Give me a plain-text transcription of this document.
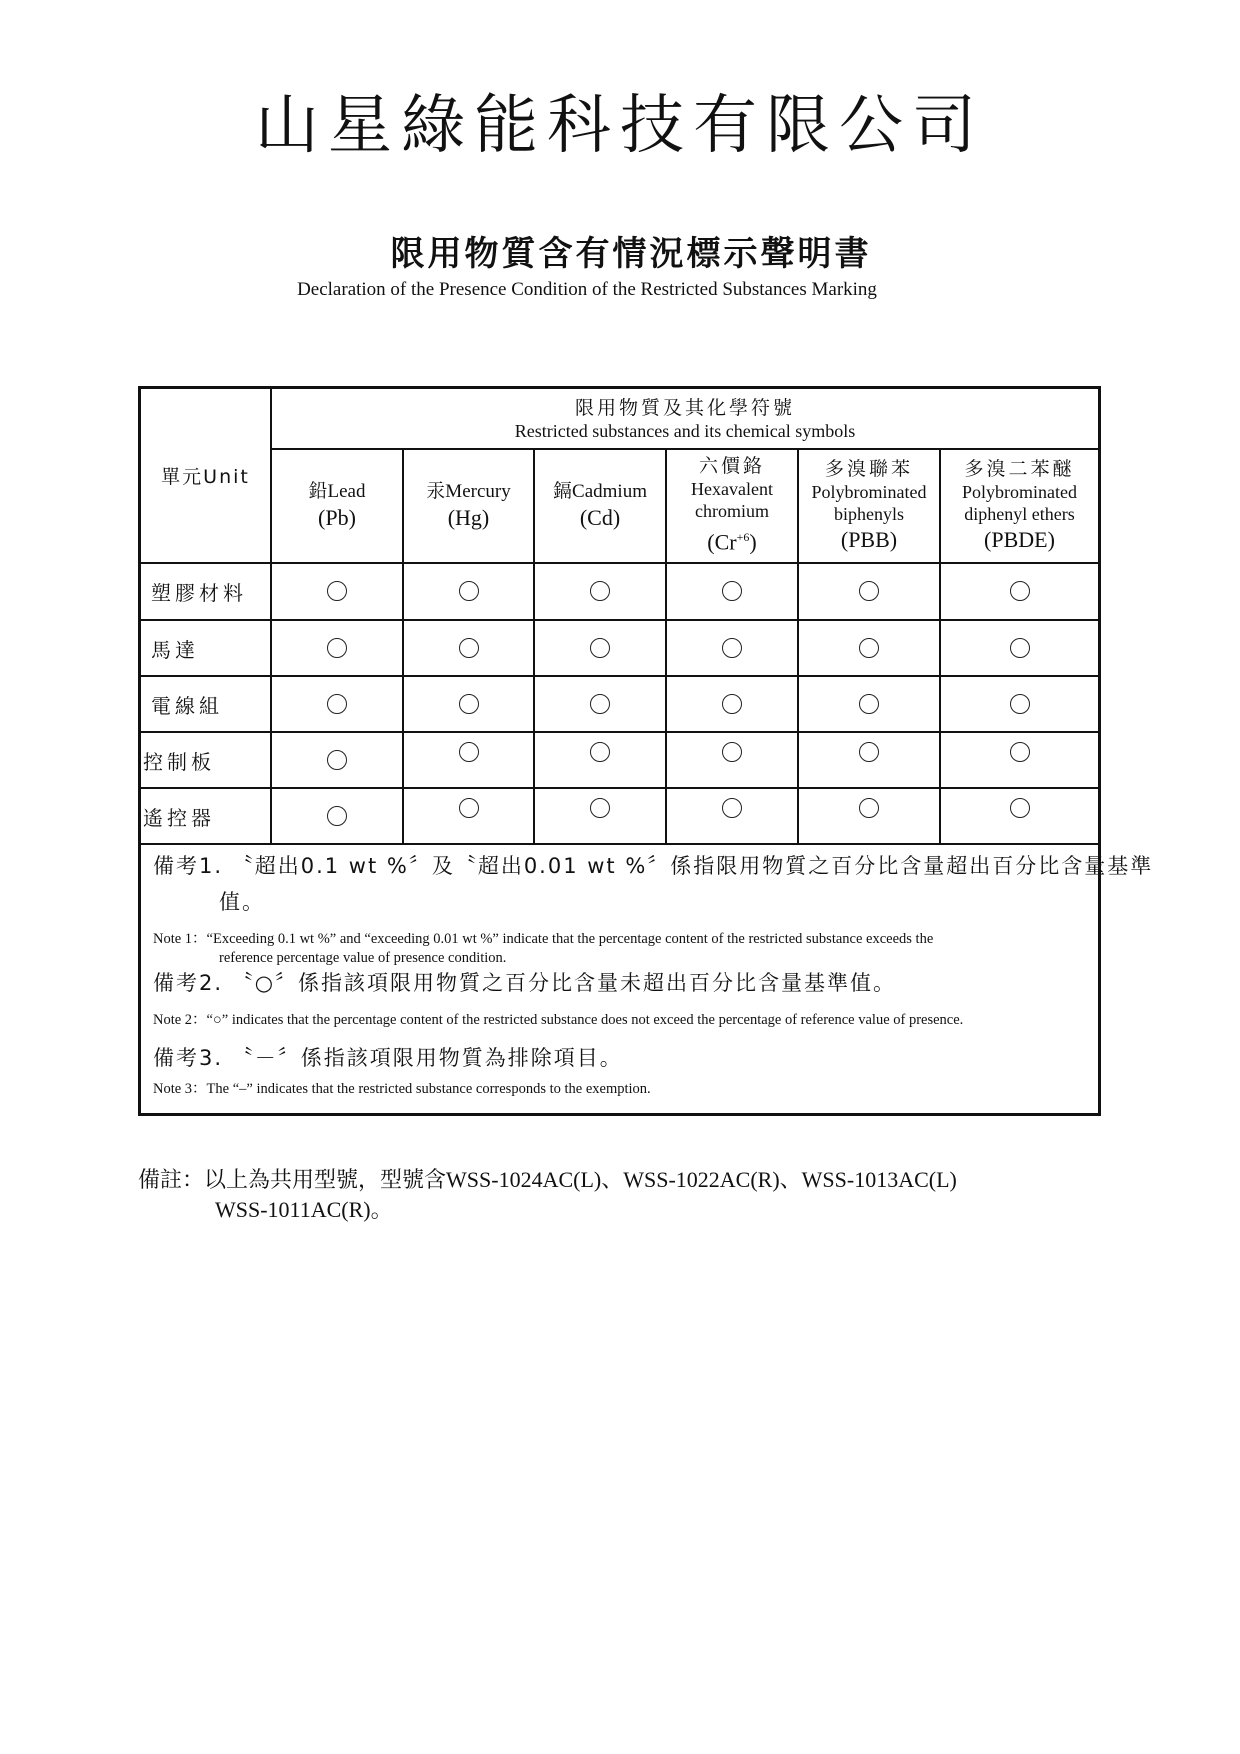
山星綠能科技有限公司
限用物質含有情況標示聲明書
Declaration of the Presence Condition of the Restricted Substances Marking
單元Unit
限用物質及其化學符號
Restricted substances and its chemical symbols
鉛Lead
(Pb)
汞Mercury
(Hg)
鎘Cadmium
(Cd)
六價鉻
Hexavalent
chromium
$(Cr^{+6})$
多溴聯苯
Polybrominated
biphenyls
(PBB)
多溴二苯醚
Polybrominated
diphenyl ethers
(PBDE)
塑膠材料
馬達
電線組
控制板
遙控器
備考1. 〝超出0.1 wt %〞及〝超出0.01 wt %〞係指限用物質之百分比含量超出百分比含量基準
值。
Note 1：“Exceeding 0.1 wt %” and “exceeding 0.01 wt %” indicate that the percentage content of the restricted substance exceeds the
reference percentage value of presence condition.
備考2. 〝○〞係指該項限用物質之百分比含量未超出百分比含量基準值。
Note 2：“○” indicates that the percentage content of the restricted substance does not exceed the percentage of reference value of presence.
備考3. 〝－〞係指該項限用物質為排除項目。
Note 3：The “–” indicates that the restricted substance corresponds to the exemption.
備註：以上為共用型號，型號含WSS-1024AC(L)、WSS-1022AC(R)、WSS-1013AC(L)
WSS-1011AC(R)。
